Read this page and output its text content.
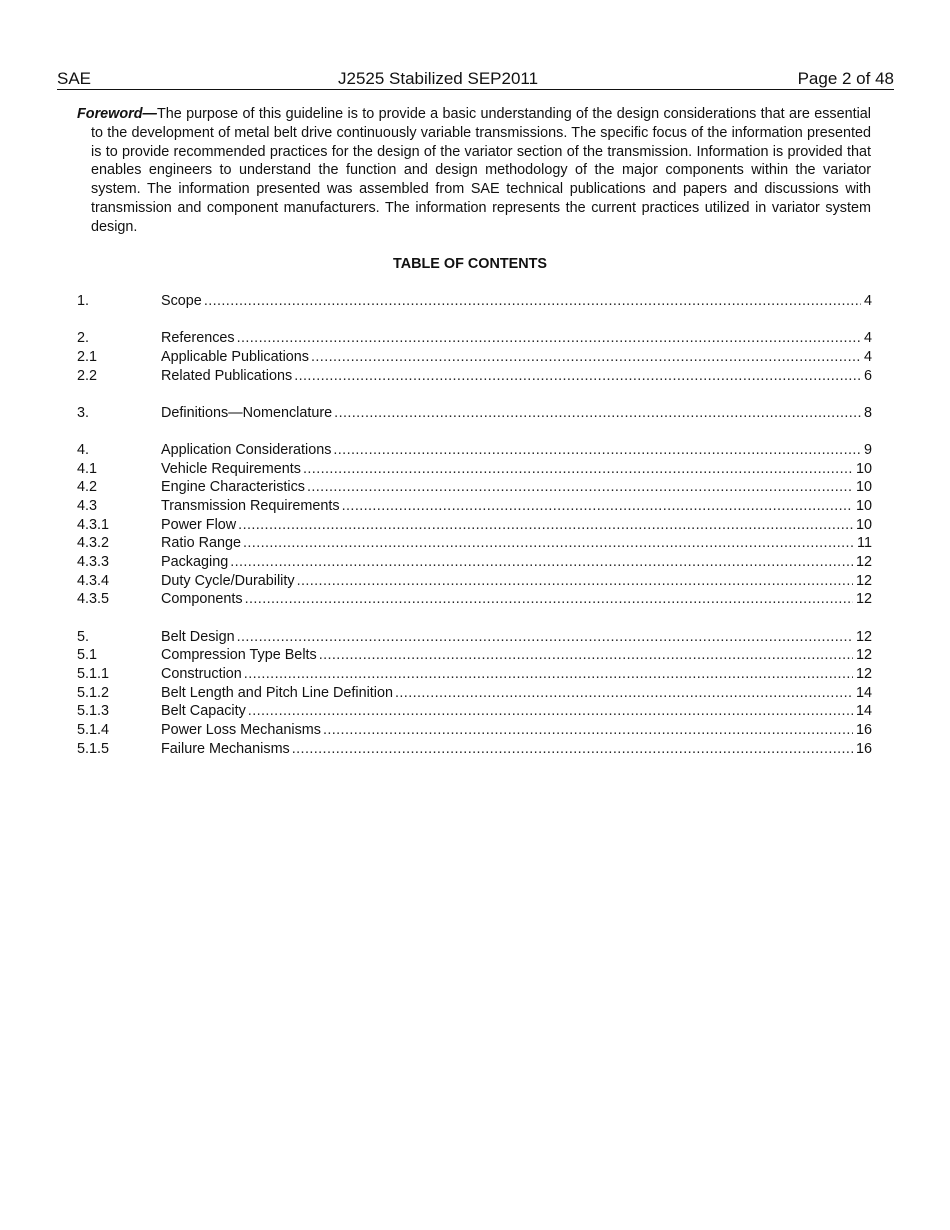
SAE	J2525 Stabilized SEP2011	Page 2 of 48
Foreword—The purpose of this guideline is to provide a basic understanding of the design considerations that are essential to the development of metal belt drive continuously variable transmissions. The specific focus of the information presented is to provide recommended practices for the design of the variator section of the transmission. Information is provided that enables engineers to understand the function and design methodology of the major components within the variator system. The information presented was assembled from SAE technical publications and papers and discussions with transmission and component manufacturers. The information represents the current practices utilized in variator system design.
TABLE OF CONTENTS
1.	Scope .....	4
2.	References .....	4
2.1	Applicable Publications .....	4
2.2	Related Publications .....	6
3.	Definitions—Nomenclature .....	8
4.	Application Considerations .....	9
4.1	Vehicle Requirements .....	10
4.2	Engine Characteristics .....	10
4.3	Transmission Requirements .....	10
4.3.1	Power Flow .....	10
4.3.2	Ratio Range .....	11
4.3.3	Packaging .....	12
4.3.4	Duty Cycle/Durability .....	12
4.3.5	Components .....	12
5.	Belt Design .....	12
5.1	Compression Type Belts .....	12
5.1.1	Construction .....	12
5.1.2	Belt Length and Pitch Line Definition .....	14
5.1.3	Belt Capacity .....	14
5.1.4	Power Loss Mechanisms .....	16
5.1.5	Failure Mechanisms .....	16
